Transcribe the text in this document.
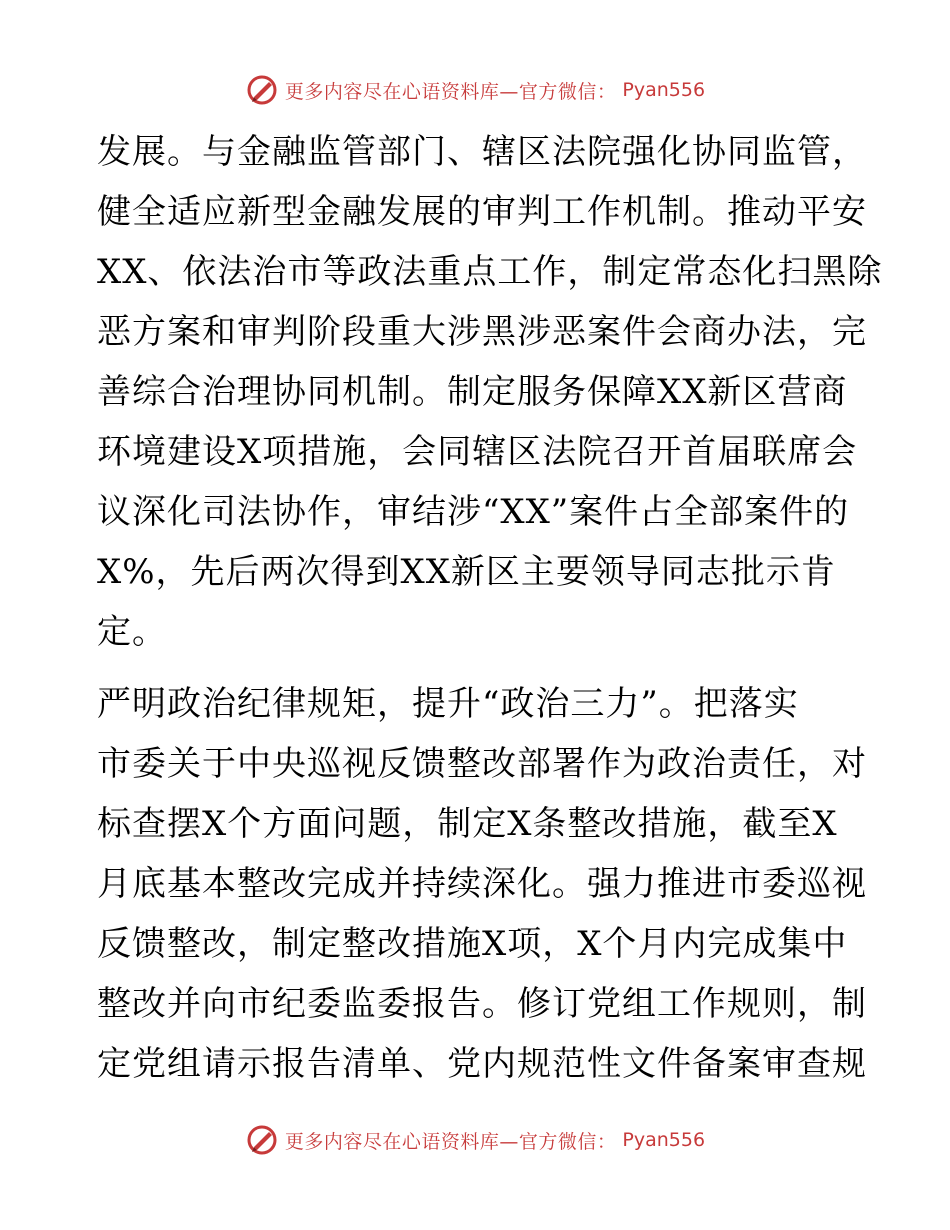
更多内容尽在心语资料库—官方微信： Pyan556
发展。与金融监管部门、辖区法院强化协同监管，
健全适应新型金融发展的审判工作机制。推动平安
XX、依法治市等政法重点工作，制定常态化扫黑除
恶方案和审判阶段重大涉黑涉恶案件会商办法，完
善综合治理协同机制。制定服务保障XX新区营商
环境建设X项措施，会同辖区法院召开首届联席会
议深化司法协作，审结涉“XX”案件占全部案件的
X%，先后两次得到XX新区主要领导同志批示肯
定。
严明政治纪律规矩，提升“政治三力”。把落实
市委关于中央巡视反馈整改部署作为政治责任，对
标查摆X个方面问题，制定X条整改措施，截至X
月底基本整改完成并持续深化。强力推进市委巡视
反馈整改，制定整改措施X项，X个月内完成集中
整改并向市纪委监委报告。修订党组工作规则，制
定党组请示报告清单、党内规范性文件备案审查规
更多内容尽在心语资料库—官方微信： Pyan556
